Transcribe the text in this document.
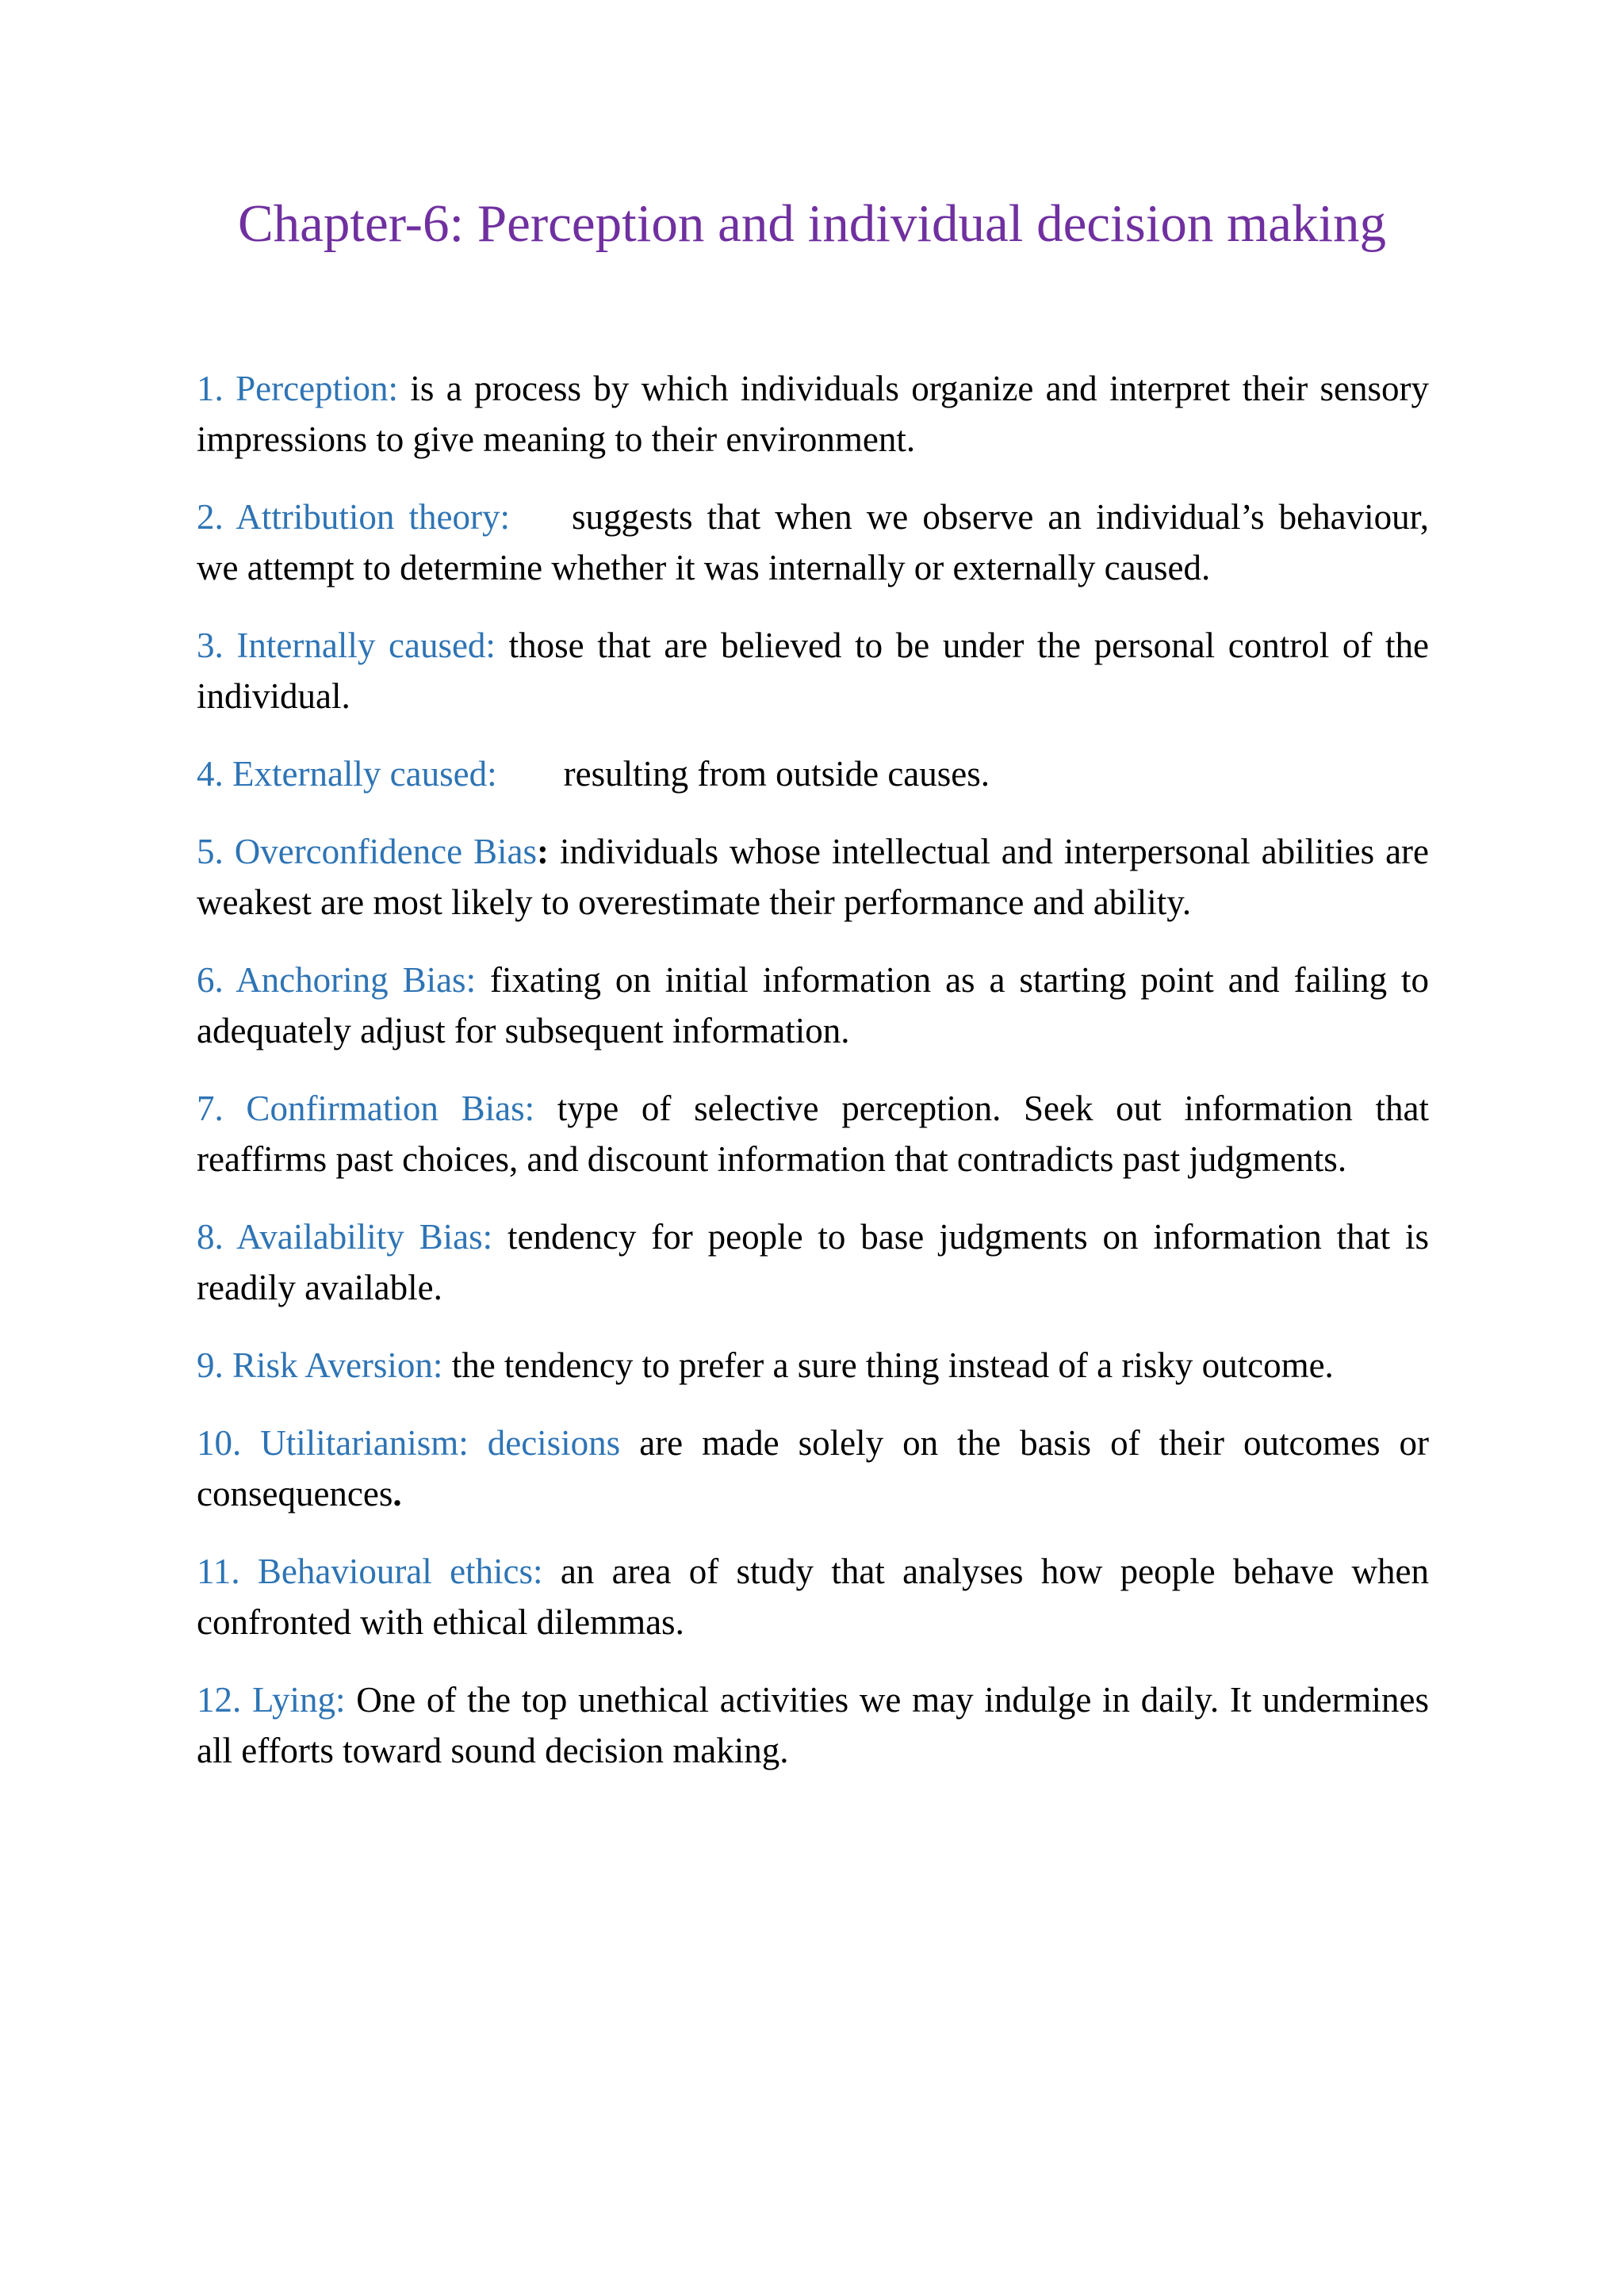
Chapter-6: Perception and individual decision making

1. Perception: is a process by which individuals organize and interpret their sensory impressions to give meaning to their environment.

2. Attribution theory: suggests that when we observe an individual’s behaviour, we attempt to determine whether it was internally or externally caused.

3. Internally caused: those that are believed to be under the personal control of the individual.

4. Externally caused: resulting from outside causes.

5. Overconfidence Bias: individuals whose intellectual and interpersonal abilities are weakest are most likely to overestimate their performance and ability.

6. Anchoring Bias: fixating on initial information as a starting point and failing to adequately adjust for subsequent information.

7. Confirmation Bias: type of selective perception. Seek out information that reaffirms past choices, and discount information that contradicts past judgments.

8. Availability Bias: tendency for people to base judgments on information that is readily available.

9. Risk Aversion: the tendency to prefer a sure thing instead of a risky outcome.

10. Utilitarianism: decisions are made solely on the basis of their outcomes or consequences.

11. Behavioural ethics: an area of study that analyses how people behave when confronted with ethical dilemmas.

12. Lying: One of the top unethical activities we may indulge in daily. It undermines all efforts toward sound decision making.
